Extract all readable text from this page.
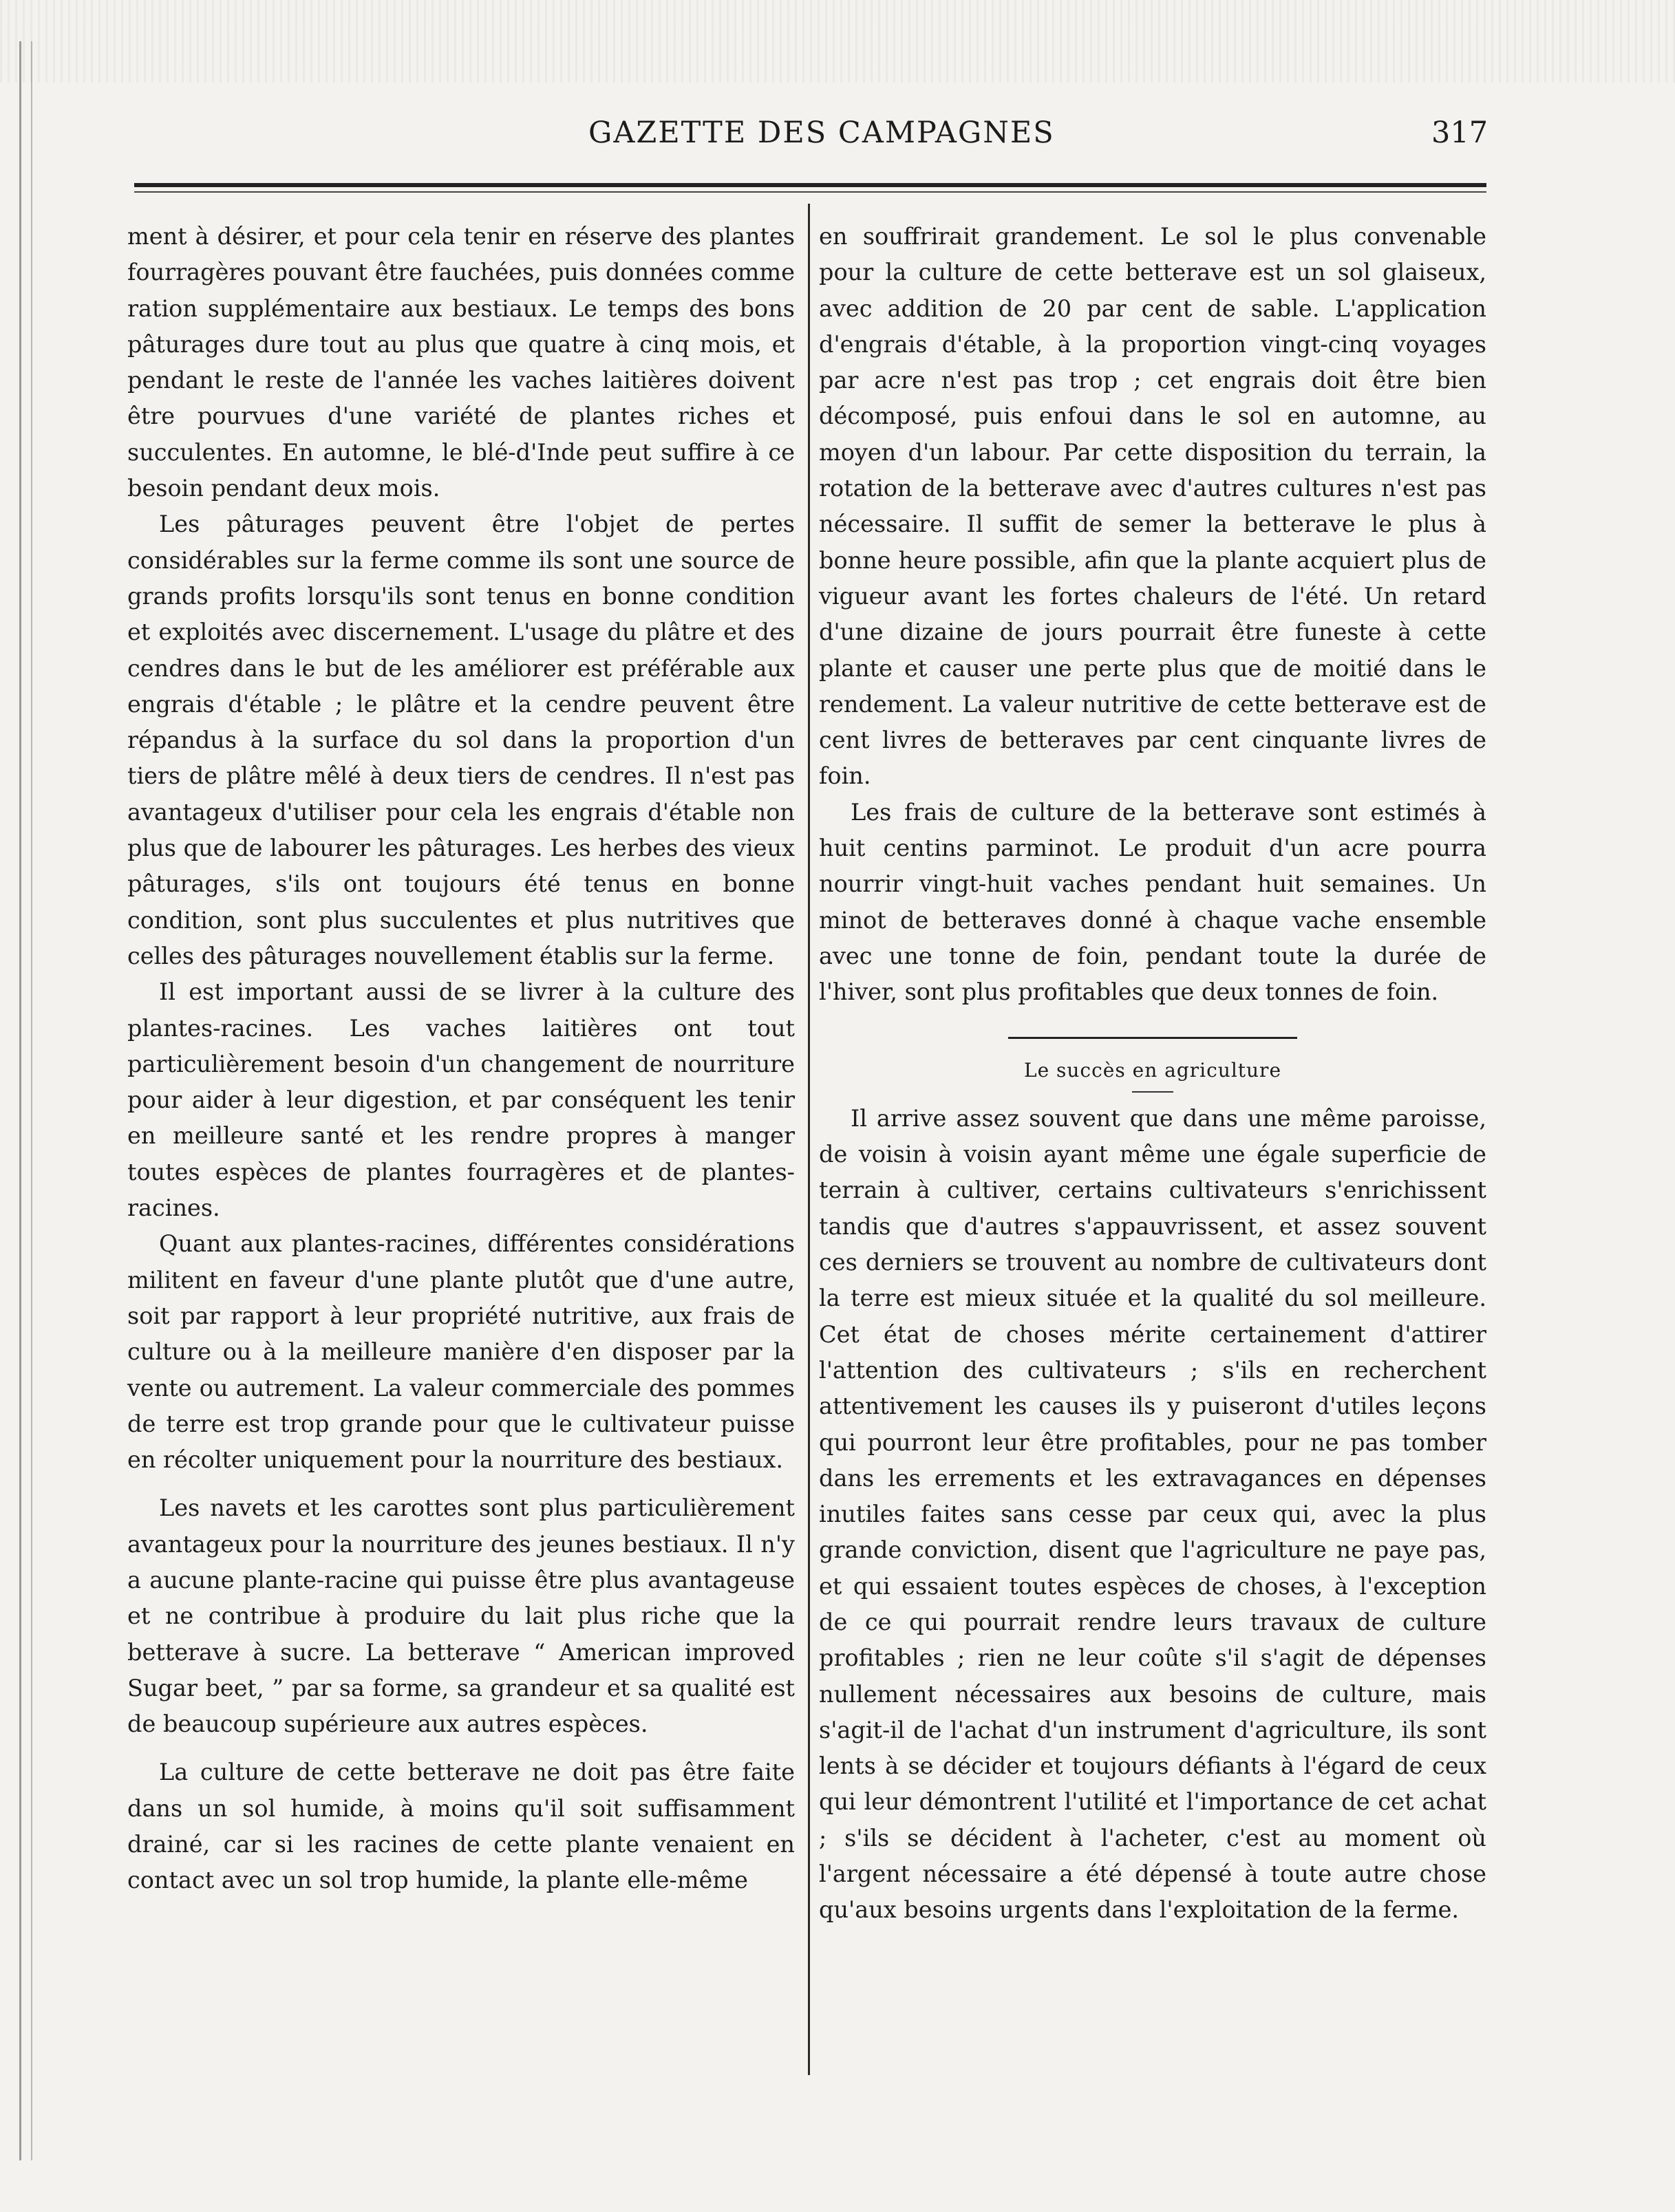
GAZETTE DES CAMPAGNES	317

ment à désirer, et pour cela tenir en réserve des plantes fourragères pouvant être fauchées, puis données comme ration supplémentaire aux bestiaux. Le temps des bons pâturages dure tout au plus que quatre à cinq mois, et pendant le reste de l'année les vaches laitières doivent être pourvues d'une variété de plantes riches et succulentes. En automne, le blé-d'Inde peut suffire à ce besoin pendant deux mois.

Les pâturages peuvent être l'objet de pertes considérables sur la ferme comme ils sont une source de grands profits lorsqu'ils sont tenus en bonne condition et exploités avec discernement. L'usage du plâtre et des cendres dans le but de les améliorer est préférable aux engrais d'étable ; le plâtre et la cendre peuvent être répandus à la surface du sol dans la proportion d'un tiers de plâtre mêlé à deux tiers de cendres. Il n'est pas avantageux d'utiliser pour cela les engrais d'étable non plus que de labourer les pâturages. Les herbes des vieux pâturages, s'ils ont toujours été tenus en bonne condition, sont plus succulentes et plus nutritives que celles des pâturages nouvellement établis sur la ferme.

Il est important aussi de se livrer à la culture des plantes-racines. Les vaches laitières ont tout particulièrement besoin d'un changement de nourriture pour aider à leur digestion, et par conséquent les tenir en meilleure santé et les rendre propres à manger toutes espèces de plantes fourragères et de plantes-racines.

Quant aux plantes-racines, différentes considérations militent en faveur d'une plante plutôt que d'une autre, soit par rapport à leur propriété nutritive, aux frais de culture ou à la meilleure manière d'en disposer par la vente ou autrement. La valeur commerciale des pommes de terre est trop grande pour que le cultivateur puisse en récolter uniquement pour la nourriture des bestiaux.

Les navets et les carottes sont plus particulièrement avantageux pour la nourriture des jeunes bestiaux. Il n'y a aucune plante-racine qui puisse être plus avantageuse et ne contribue à produire du lait plus riche que la betterave à sucre. La betterave “ American improved Sugar beet, ” par sa forme, sa grandeur et sa qualité est de beaucoup supérieure aux autres espèces.

La culture de cette betterave ne doit pas être faite dans un sol humide, à moins qu'il soit suffisamment drainé, car si les racines de cette plante venaient en contact avec un sol trop humide, la plante elle-même

en souffrirait grandement. Le sol le plus convenable pour la culture de cette betterave est un sol glaiseux, avec addition de 20 par cent de sable. L'application d'engrais d'étable, à la proportion vingt-cinq voyages par acre n'est pas trop ; cet engrais doit être bien décomposé, puis enfoui dans le sol en automne, au moyen d'un labour. Par cette disposition du terrain, la rotation de la betterave avec d'autres cultures n'est pas nécessaire. Il suffit de semer la betterave le plus à bonne heure possible, afin que la plante acquiert plus de vigueur avant les fortes chaleurs de l'été. Un retard d'une dizaine de jours pourrait être funeste à cette plante et causer une perte plus que de moitié dans le rendement. La valeur nutritive de cette betterave est de cent livres de betteraves par cent cinquante livres de foin.

Les frais de culture de la betterave sont estimés à huit centins parminot. Le produit d'un acre pourra nourrir vingt-huit vaches pendant huit semaines. Un minot de betteraves donné à chaque vache ensemble avec une tonne de foin, pendant toute la durée de l'hiver, sont plus profitables que deux tonnes de foin.

Le succès en agriculture

Il arrive assez souvent que dans une même paroisse, de voisin à voisin ayant même une égale superficie de terrain à cultiver, certains cultivateurs s'enrichissent tandis que d'autres s'appauvrissent, et assez souvent ces derniers se trouvent au nombre de cultivateurs dont la terre est mieux située et la qualité du sol meilleure. Cet état de choses mérite certainement d'attirer l'attention des cultivateurs ; s'ils en recherchent attentivement les causes ils y puiseront d'utiles leçons qui pourront leur être profitables, pour ne pas tomber dans les errements et les extravagances en dépenses inutiles faites sans cesse par ceux qui, avec la plus grande conviction, disent que l'agriculture ne paye pas, et qui essaient toutes espèces de choses, à l'exception de ce qui pourrait rendre leurs travaux de culture profitables ; rien ne leur coûte s'il s'agit de dépenses nullement nécessaires aux besoins de culture, mais s'agit-il de l'achat d'un instrument d'agriculture, ils sont lents à se décider et toujours défiants à l'égard de ceux qui leur démontrent l'utilité et l'importance de cet achat ; s'ils se décident à l'acheter, c'est au moment où l'argent nécessaire a été dépensé à toute autre chose qu'aux besoins urgents dans l'exploitation de la ferme.
